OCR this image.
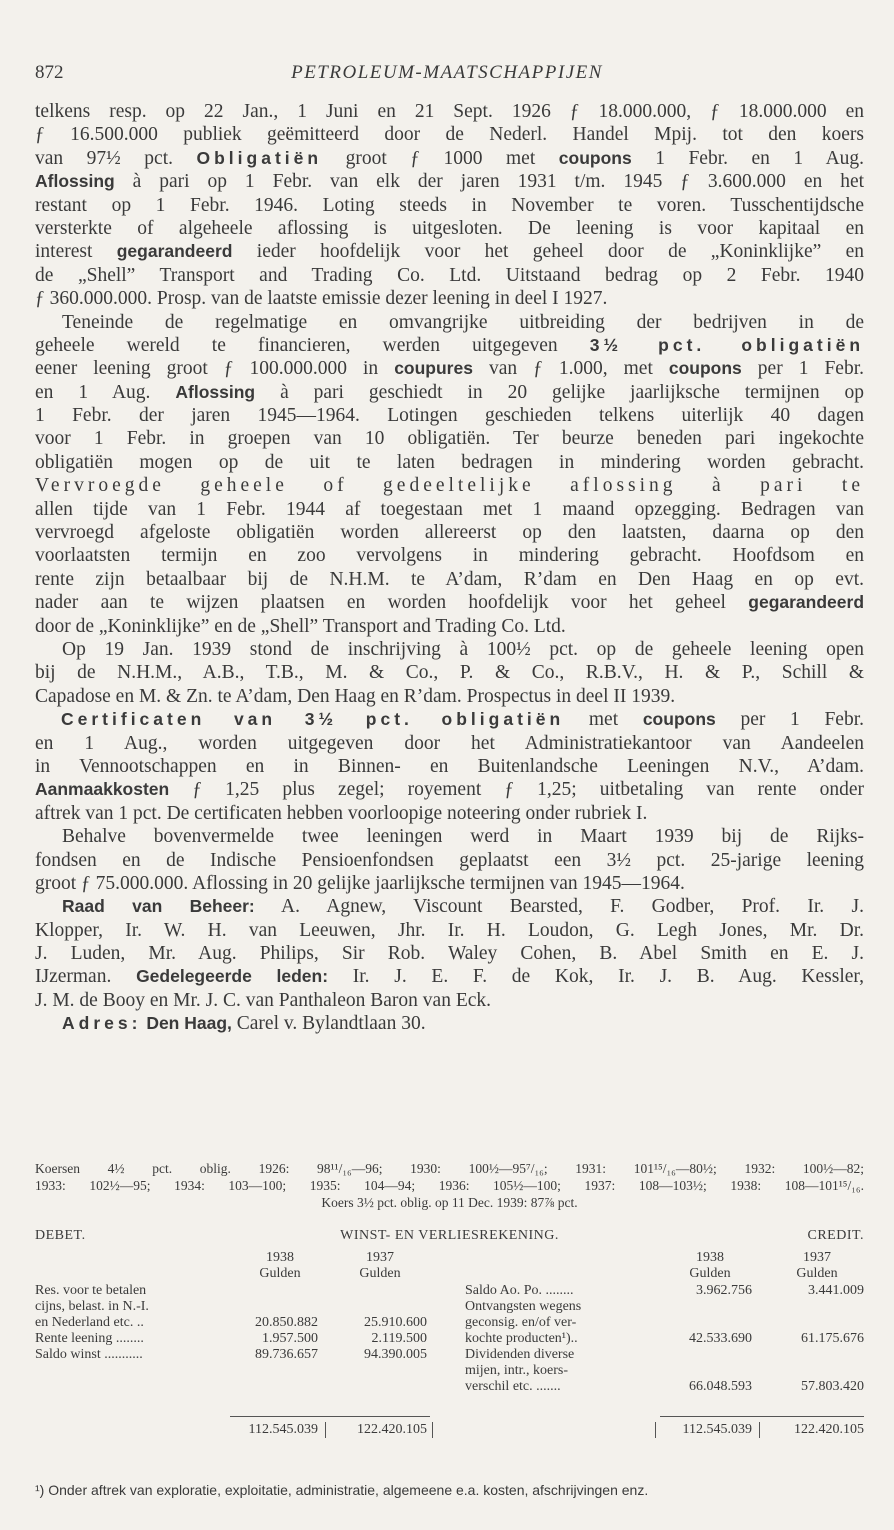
872	PETROLEUM-MAATSCHAPPIJEN
telkens resp. op 22 Jan., 1 Juni en 21 Sept. 1926 ƒ 18.000.000, ƒ 18.000.000 en
ƒ 16.500.000 publiek geëmitteerd door de Nederl. Handel Mpij. tot den koers
van 97½ pct. Obligatiën groot ƒ 1000 met coupons 1 Febr. en 1 Aug.
Aflossing à pari op 1 Febr. van elk der jaren 1931 t/m. 1945 ƒ 3.600.000 en het
restant op 1 Febr. 1946. Loting steeds in November te voren. Tusschentijdsche
versterkte of algeheele aflossing is uitgesloten. De leening is voor kapitaal en
interest gegarandeerd ieder hoofdelijk voor het geheel door de „Koninklijke” en
de „Shell” Transport and Trading Co. Ltd. Uitstaand bedrag op 2 Febr. 1940
ƒ 360.000.000. Prosp. van de laatste emissie dezer leening in deel I 1927.
Teneinde de regelmatige en omvangrijke uitbreiding der bedrijven in de
geheele wereld te financieren, werden uitgegeven 3½ pct. obligatiën
eener leening groot ƒ 100.000.000 in coupures van ƒ 1.000, met coupons per 1 Febr.
en 1 Aug. Aflossing à pari geschiedt in 20 gelijke jaarlijksche termijnen op
1 Febr. der jaren 1945—1964. Lotingen geschieden telkens uiterlijk 40 dagen
voor 1 Febr. in groepen van 10 obligatiën. Ter beurze beneden pari ingekochte
obligatiën mogen op de uit te laten bedragen in mindering worden gebracht.
Vervroegde geheele of gedeeltelijke aflossing à pari te
allen tijde van 1 Febr. 1944 af toegestaan met 1 maand opzegging. Bedragen van
vervroegd afgeloste obligatiën worden allereerst op den laatsten, daarna op den
voorlaatsten termijn en zoo vervolgens in mindering gebracht. Hoofdsom en
rente zijn betaalbaar bij de N.H.M. te A’dam, R’dam en Den Haag en op evt.
nader aan te wijzen plaatsen en worden hoofdelijk voor het geheel gegarandeerd
door de „Koninklijke” en de „Shell” Transport and Trading Co. Ltd.
Op 19 Jan. 1939 stond de inschrijving à 100½ pct. op de geheele leening open
bij de N.H.M., A.B., T.B., M. & Co., P. & Co., R.B.V., H. & P., Schill &
Capadose en M. & Zn. te A’dam, Den Haag en R’dam. Prospectus in deel II 1939.
Certificaten van 3½ pct. obligatiën met coupons per 1 Febr.
en 1 Aug., worden uitgegeven door het Administratiekantoor van Aandeelen
in Vennootschappen en in Binnen- en Buitenlandsche Leeningen N.V., A’dam.
Aanmaakkosten ƒ 1,25 plus zegel; royement ƒ 1,25; uitbetaling van rente onder
aftrek van 1 pct. De certificaten hebben voorloopige noteering onder rubriek I.
Behalve bovenvermelde twee leeningen werd in Maart 1939 bij de Rijks-
fondsen en de Indische Pensioenfondsen geplaatst een 3½ pct. 25-jarige leening
groot ƒ 75.000.000. Aflossing in 20 gelijke jaarlijksche termijnen van 1945—1964.
Raad van Beheer: A. Agnew, Viscount Bearsted, F. Godber, Prof. Ir. J.
Klopper, Ir. W. H. van Leeuwen, Jhr. Ir. H. Loudon, G. Legh Jones, Mr. Dr.
J. Luden, Mr. Aug. Philips, Sir Rob. Waley Cohen, B. Abel Smith en E. J.
IJzerman. Gedelegeerde leden: Ir. J. E. F. de Kok, Ir. J. B. Aug. Kessler,
J. M. de Booy en Mr. J. C. van Panthaleon Baron van Eck.
Adres: Den Haag, Carel v. Bylandtlaan 30.
Koersen 4½ pct. oblig. 1926: 98¹¹/₁₆—96; 1930: 100½—95⁷/₁₆; 1931: 101¹⁵/₁₆—80½; 1932: 100½—82;
1933: 102½—95; 1934: 103—100; 1935: 104—94; 1936: 105½—100; 1937: 108—103½; 1938: 108—101¹⁵/₁₆.
Koers 3½ pct. oblig. op 11 Dec. 1939: 87⅞ pct.
DEBET.	WINST- EN VERLIESREKENING.	CREDIT.
1938	1937
Gulden	Gulden
1938	1937
Gulden	Gulden
Res. voor te betalen
cijns, belast. in N.-I.
en Nederland etc. ..	20.850.882	25.910.600
Rente leening ........	1.957.500	2.119.500
Saldo winst ...........	89.736.657	94.390.005
Saldo Ao. Po. ........	3.962.756	3.441.009
Ontvangsten wegens
geconsig. en/of ver-
kochte producten¹)..	42.533.690	61.175.676
Dividenden diverse
mijen, intr., koers-
verschil etc. .......	66.048.593	57.803.420
112.545.039	122.420.105	112.545.039	122.420.105
¹) Onder aftrek van exploratie, exploitatie, administratie, algemeene e.a. kosten, afschrijvingen enz.
